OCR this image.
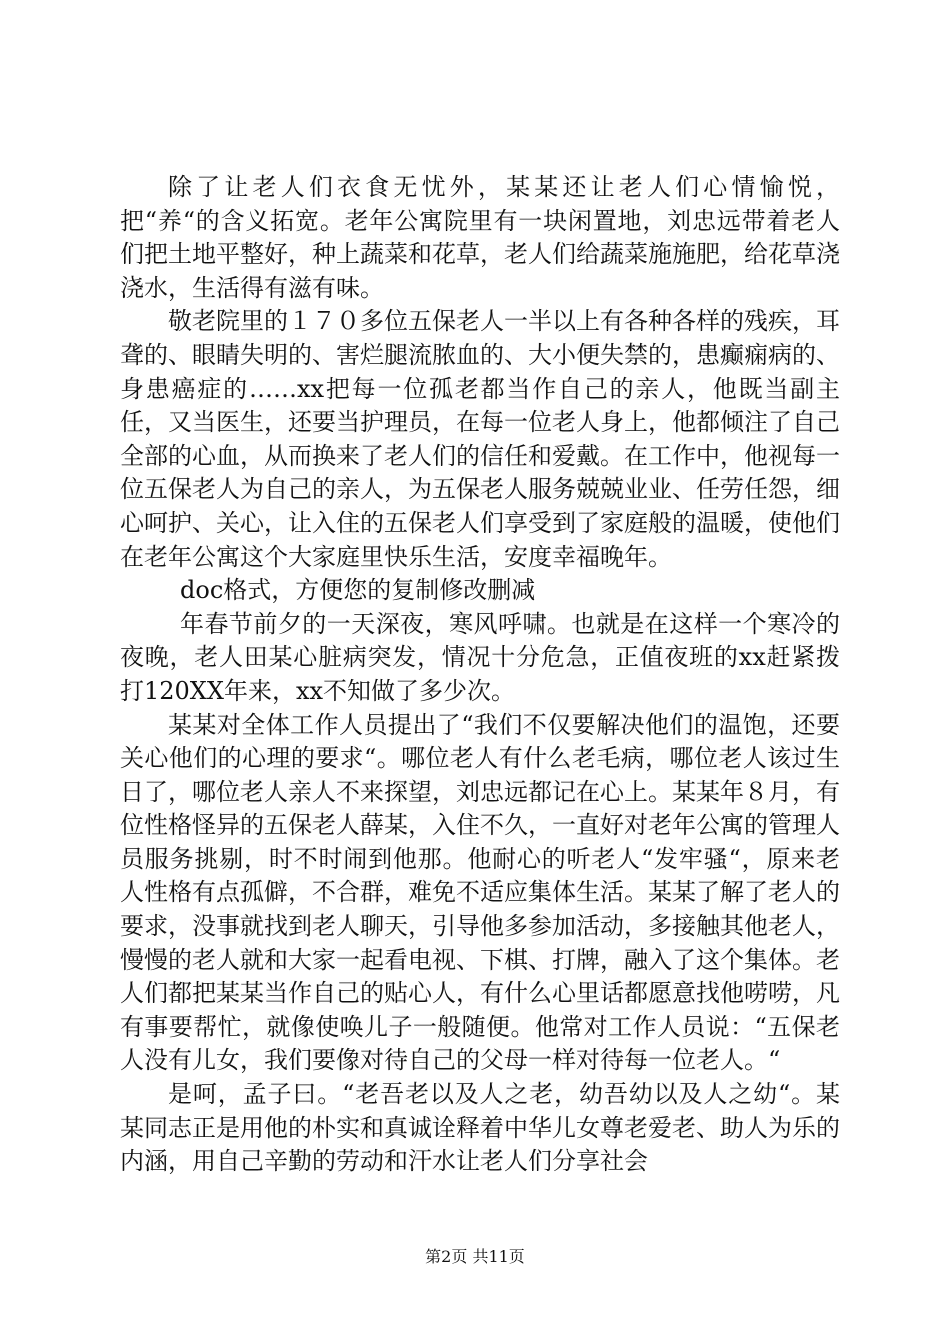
除了让老人们衣食无忧外，某某还让老人们心情愉悦，把“养“的含义拓宽。老年公寓院里有一块闲置地，刘忠远带着老人们把土地平整好，种上蔬菜和花草，老人们给蔬菜施施肥，给花草浇浇水，生活得有滋有味。

敬老院里的１７０多位五保老人一半以上有各种各样的残疾，耳聋的、眼睛失明的、害烂腿流脓血的、大小便失禁的，患癫痫病的、身患癌症的……xx把每一位孤老都当作自己的亲人，他既当副主任，又当医生，还要当护理员，在每一位老人身上，他都倾注了自己全部的心血，从而换来了老人们的信任和爱戴。在工作中，他视每一位五保老人为自己的亲人，为五保老人服务兢兢业业、任劳任怨，细心呵护、关心，让入住的五保老人们享受到了家庭般的温暖，使他们在老年公寓这个大家庭里快乐生活，安度幸福晚年。

doc格式，方便您的复制修改删减

年春节前夕的一天深夜，寒风呼啸。也就是在这样一个寒冷的夜晚，老人田某心脏病突发，情况十分危急，正值夜班的xx赶紧拨打120XX年来，xx不知做了多少次。

某某对全体工作人员提出了“我们不仅要解决他们的温饱，还要关心他们的心理的要求“。哪位老人有什么老毛病，哪位老人该过生日了，哪位老人亲人不来探望，刘忠远都记在心上。某某年８月，有位性格怪异的五保老人薛某，入住不久，一直好对老年公寓的管理人员服务挑剔，时不时闹到他那。他耐心的听老人“发牢骚“，原来老人性格有点孤僻，不合群，难免不适应集体生活。某某了解了老人的要求，没事就找到老人聊天，引导他多参加活动，多接触其他老人，慢慢的老人就和大家一起看电视、下棋、打牌，融入了这个集体。老人们都把某某当作自己的贴心人，有什么心里话都愿意找他唠唠，凡有事要帮忙，就像使唤儿子一般随便。他常对工作人员说：“五保老人没有儿女，我们要像对待自己的父母一样对待每一位老人。“

是呵，孟子曰。“老吾老以及人之老，幼吾幼以及人之幼“。某某同志正是用他的朴实和真诚诠释着中华儿女尊老爱老、助人为乐的内涵，用自己辛勤的劳动和汗水让老人们分享社会

第2页 共11页
